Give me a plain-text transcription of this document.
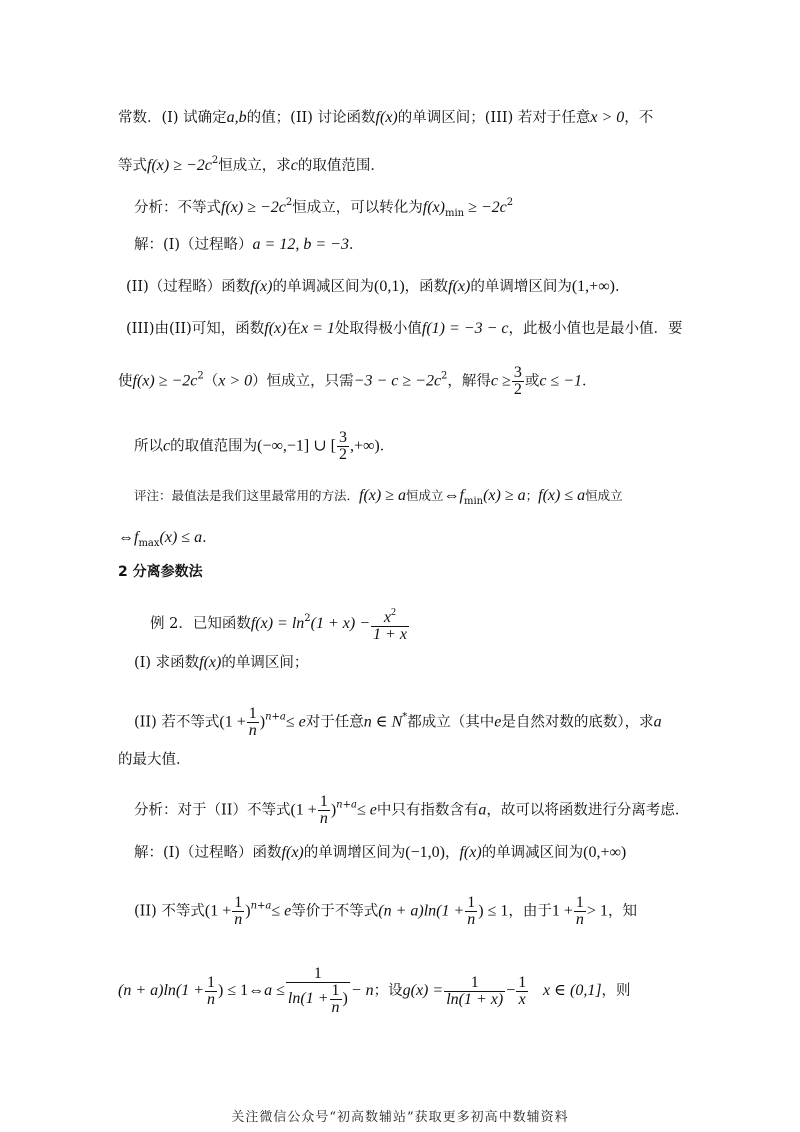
常数．(I) 试确定a,b的值；(II) 讨论函数f(x)的单调区间；(III) 若对于任意x > 0，不
等式$f(x) \ge -2c^2$恒成立，求c的取值范围．
分析：不等式$f(x) \ge -2c^2$恒成立，可以转化为$f(x)_{min} \ge -2c^2$
解：(I)（过程略）a = 12, b = −3．
(II)（过程略）函数f(x)的单调减区间为(0,1)，函数f(x)的单调增区间为(1,+∞)．
(III)由(II)可知，函数f(x)在x = 1处取得极小值f(1) = −3 − c，此极小值也是最小值．要
使$f(x) \ge -2c^2(x > 0)$恒成立，只需$-3 - c \ge -2c^2$，解得$c \ge \frac{3}{2}$ 或c ≤ −1．
所以c的取值范围为(−∞,−1] ∪ [ $\frac{3}{2}$ ,+∞)．
评注：最值法是我们这里最常用的方法．f(x) ≥ a恒成立$\Leftrightarrow f_{min}(x) \ge a$；f(x) ≤ a恒成立
$\Leftrightarrow f_{max}(x) \le a$．
2 分离参数法
例 2．已知函数$f(x) = \ln^2(1 + x) - \frac{x^2}{1 + x}$
(I) 求函数f(x)的单调区间；
(II) 若不等式$(1 + \frac{1}{n} )^{n+a}\le e$对于任意n ∈ N*都成立（其中e是自然对数的底数），求a
的最大值．
分析：对于（II）不等式$(1 + \frac{1}{n} )^{n+a}\le e$中只有指数含有a，故可以将函数进行分离考虑．
解：(I)（过程略）函数f(x)的单调增区间为(−1,0)，f(x)的单调减区间为(0,+∞)
(II) 不等式$(1 + \frac{1}{n} )^{n+a}\le e$等价于不等式$(n + a)\ln(1 + \frac{1}{n}$ ) ≤ 1，由于$1 + \frac{1}{n} > 1$，知
$(n + a)\ln(1 + \frac{1}{n}$ ) ≤ 1⇔a ≤ $\frac{1}{\ln(1 + \frac{1}{n} )} - n$；设$g(x) = \frac{1}{\ln(1 + x)} - \frac{1}{x}$ x ∈ (0,1]，则
关注微信公众号“初高数辅站”获取更多初高中数辅资料
